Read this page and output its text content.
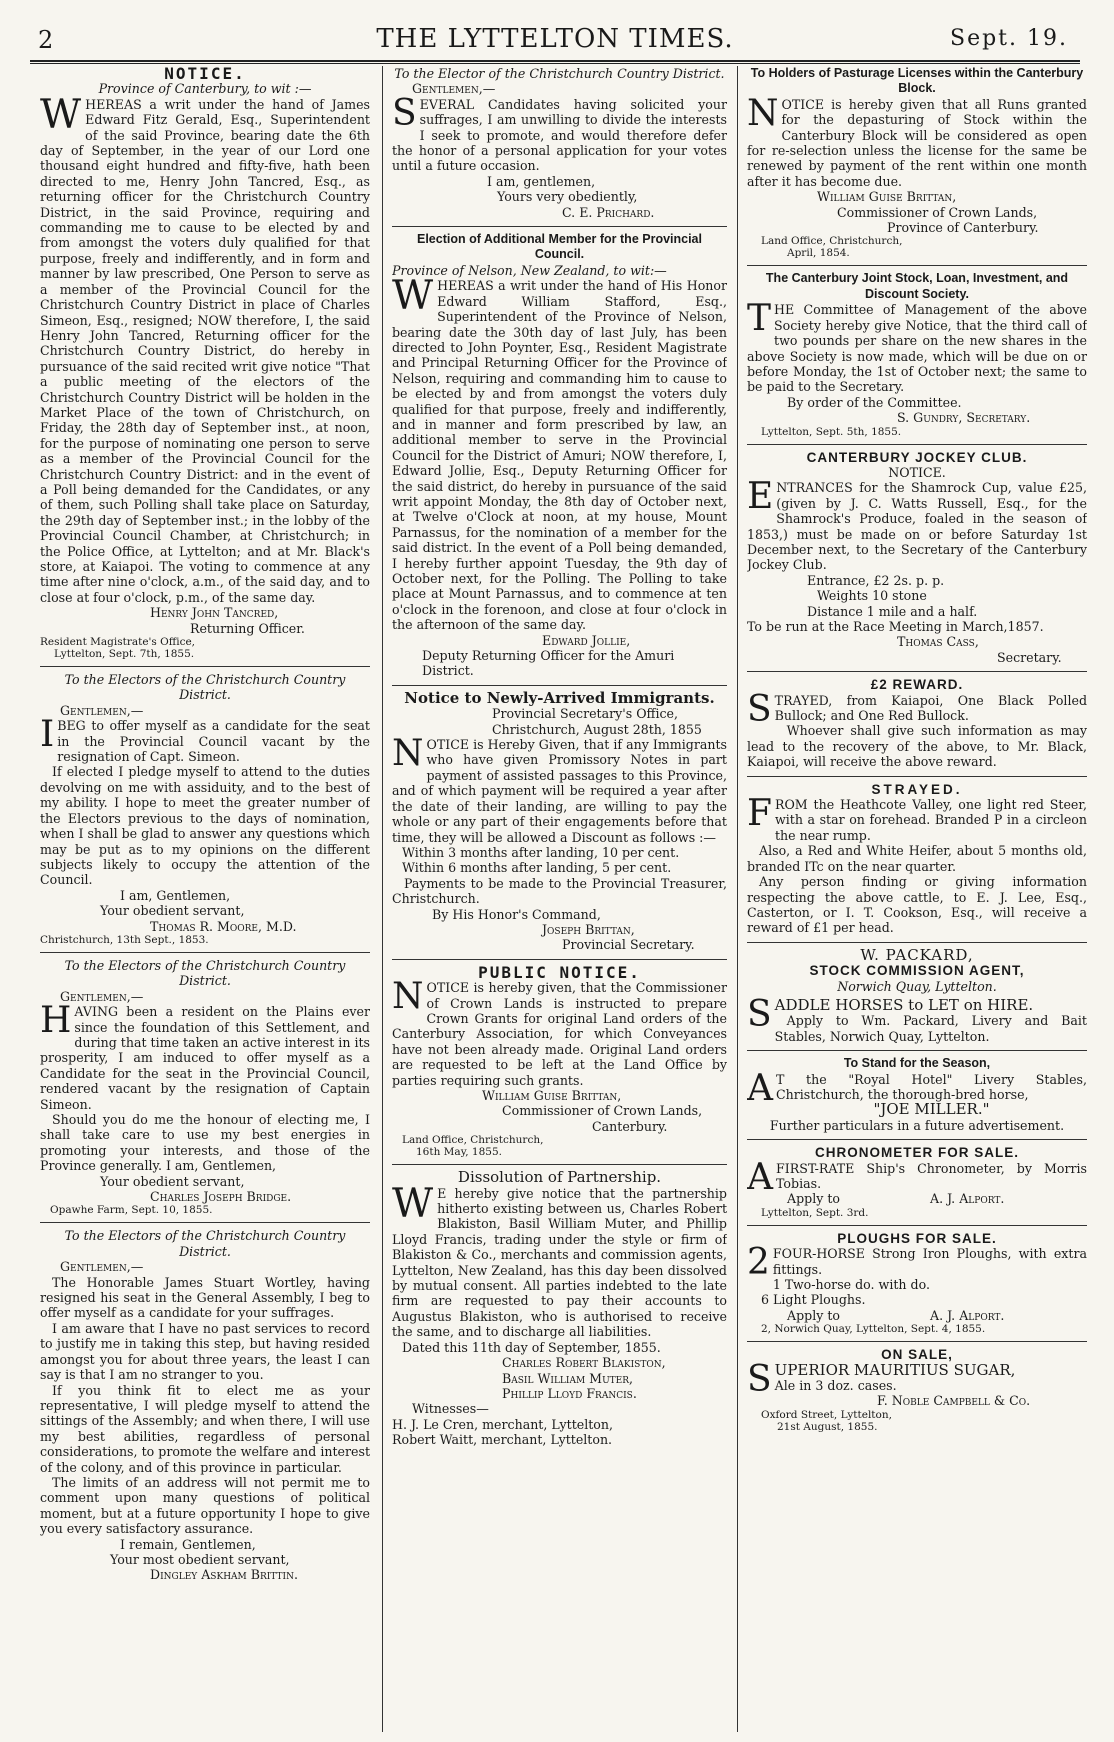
2	THE LYTTELTON TIMES.	Sept. 19.
NOTICE.
Province of Canterbury, to wit :—
WHEREAS a writ under the hand of James Edward Fitz Gerald, Esq., Superintendent of the said Province, bearing date the 6th day of September, in the year of our Lord one thousand eight hundred and fifty-five, hath been directed to me, Henry John Tancred, Esq., as returning officer for the Christchurch Country District, in the said Province, requiring and commanding me to cause to be elected by and from amongst the voters duly qualified for that purpose, freely and indifferently, and in form and manner by law prescribed, One Person to serve as a member of the Provincial Council for the Christchurch Country District in place of Charles Simeon, Esq., resigned; NOW therefore, I, the said Henry John Tancred, Returning officer for the Christchurch Country District, do hereby in pursuance of the said recited writ give notice "That a public meeting of the electors of the Christchurch Country District will be holden in the Market Place of the town of Christchurch, on Friday, the 28th day of September inst., at noon, for the purpose of nominating one person to serve as a member of the Provincial Council for the Christchurch Country District: and in the event of a Poll being demanded for the Candidates, or any of them, such Polling shall take place on Saturday, the 29th day of September inst.; in the lobby of the Provincial Council Chamber, at Christchurch; in the Police Office, at Lyttelton; and at Mr. Black's store, at Kaiapoi. The voting to commence at any time after nine o'clock, a.m., of the said day, and to close at four o'clock, p.m., of the same day.
Henry John Tancred,
Returning Officer.
Resident Magistrate's Office,
Lyttelton, Sept. 7th, 1855.
To the Electors of the Christchurch Country District.
Gentlemen,—
IBEG to offer myself as a candidate for the seat in the Provincial Council vacant by the resignation of Capt. Simeon.
If elected I pledge myself to attend to the duties devolving on me with assiduity, and to the best of my ability. I hope to meet the greater number of the Electors previous to the days of nomination, when I shall be glad to answer any questions which may be put as to my opinions on the different subjects likely to occupy the attention of the Council.
I am, Gentlemen,
Your obedient servant,
Thomas R. Moore, M.D.
Christchurch, 13th Sept., 1853.
To the Electors of the Christchurch Country District.
Gentlemen,—
HAVING been a resident on the Plains ever since the foundation of this Settlement, and during that time taken an active interest in its prosperity, I am induced to offer myself as a Candidate for the seat in the Provincial Council, rendered vacant by the resignation of Captain Simeon.
Should you do me the honour of electing me, I shall take care to use my best energies in promoting your interests, and those of the Province generally. I am, Gentlemen,
Your obedient servant,
Charles Joseph Bridge.
Opawhe Farm, Sept. 10, 1855.
To the Electors of the Christchurch Country District.
Gentlemen,—
The Honorable James Stuart Wortley, having resigned his seat in the General Assembly, I beg to offer myself as a candidate for your suffrages.
I am aware that I have no past services to record to justify me in taking this step, but having resided amongst you for about three years, the least I can say is that I am no stranger to you.
If you think fit to elect me as your representative, I will pledge myself to attend the sittings of the Assembly; and when there, I will use my best abilities, regardless of personal considerations, to promote the welfare and interest of the colony, and of this province in particular.
The limits of an address will not permit me to comment upon many questions of political moment, but at a future opportunity I hope to give you every satisfactory assurance.
I remain, Gentlemen,
Your most obedient servant,
Dingley Askham Brittin.
To the Elector of the Christchurch Country District.
Gentlemen,—
SEVERAL Candidates having solicited your suffrages, I am unwilling to divide the interests I seek to promote, and would therefore defer the honor of a personal application for your votes until a future occasion.
I am, gentlemen,
Yours very obediently,
C. E. Prichard.
Election of Additional Member for the Provincial Council.
Province of Nelson, New Zealand, to wit:—
WHEREAS a writ under the hand of His Honor Edward William Stafford, Esq., Superintendent of the Province of Nelson, bearing date the 30th day of last July, has been directed to John Poynter, Esq., Resident Magistrate and Principal Returning Officer for the Province of Nelson, requiring and commanding him to cause to be elected by and from amongst the voters duly qualified for that purpose, freely and indifferently, and in manner and form prescribed by law, an additional member to serve in the Provincial Council for the District of Amuri; NOW therefore, I, Edward Jollie, Esq., Deputy Returning Officer for the said district, do hereby in pursuance of the said writ appoint Monday, the 8th day of October next, at Twelve o'Clock at noon, at my house, Mount Parnassus, for the nomination of a member for the said district. In the event of a Poll being demanded, I hereby further appoint Tuesday, the 9th day of October next, for the Polling. The Polling to take place at Mount Parnassus, and to commence at ten o'clock in the forenoon, and close at four o'clock in the afternoon of the same day.
Edward Jollie,
Deputy Returning Officer for the Amuri District.
Notice to Newly-Arrived Immigrants.
Provincial Secretary's Office,
Christchurch, August 28th, 1855
NOTICE is Hereby Given, that if any Immigrants who have given Promissory Notes in part payment of assisted passages to this Province, and of which payment will be required a year after the date of their landing, are willing to pay the whole or any part of their engagements before that time, they will be allowed a Discount as follows :—
Within 3 months after landing, 10 per cent.
Within 6 months after landing, 5 per cent.
Payments to be made to the Provincial Treasurer, Christchurch.
By His Honor's Command,
Joseph Brittan,
Provincial Secretary.
PUBLIC NOTICE.
NOTICE is hereby given, that the Commissioner of Crown Lands is instructed to prepare Crown Grants for original Land orders of the Canterbury Association, for which Conveyances have not been already made. Original Land orders are requested to be left at the Land Office by parties requiring such grants.
William Guise Brittan,
Commissioner of Crown Lands,
Canterbury.
Land Office, Christchurch,
16th May, 1855.
Dissolution of Partnership.
W E hereby give notice that the partnership hitherto existing between us, Charles Robert Blakiston, Basil William Muter, and Phillip Lloyd Francis, trading under the style or firm of Blakiston & Co., merchants and commission agents, Lyttelton, New Zealand, has this day been dissolved by mutual consent. All parties indebted to the late firm are requested to pay their accounts to Augustus Blakiston, who is authorised to receive the same, and to discharge all liabilities.
Dated this 11th day of September, 1855.
Charles Robert Blakiston,
Basil William Muter,
Phillip Lloyd Francis.
Witnesses—
H. J. Le Cren, merchant, Lyttelton,
Robert Waitt, merchant, Lyttelton.
To Holders of Pasturage Licenses within the Canterbury Block.
NOTICE is hereby given that all Runs granted for the depasturing of Stock within the Canterbury Block will be considered as open for re-selection unless the license for the same be renewed by payment of the rent within one month after it has become due.
William Guise Brittan,
Commissioner of Crown Lands,
Province of Canterbury.
Land Office, Christchurch,
April, 1854.
The Canterbury Joint Stock, Loan, Investment, and Discount Society.
THE Committee of Management of the above Society hereby give Notice, that the third call of two pounds per share on the new shares in the above Society is now made, which will be due on or before Monday, the 1st of October next; the same to be paid to the Secretary.
By order of the Committee.
S. Gundry, Secretary.
Lyttelton, Sept. 5th, 1855.
CANTERBURY JOCKEY CLUB.
NOTICE.
ENTRANCES for the Shamrock Cup, value £25, (given by J. C. Watts Russell, Esq., for the Shamrock's Produce, foaled in the season of 1853,) must be made on or before Saturday 1st December next, to the Secretary of the Canterbury Jockey Club.
Entrance, £2 2s. p. p.
Weights 10 stone
Distance 1 mile and a half.
To be run at the Race Meeting in March,1857.
Thomas Cass,
Secretary.
£2 REWARD.
STRAYED, from Kaiapoi, One Black Polled Bullock; and One Red Bullock.
Whoever shall give such information as may lead to the recovery of the above, to Mr. Black, Kaiapoi, will receive the above reward.
STRAYED.
FROM the Heathcote Valley, one light red Steer, with a star on forehead. Branded P in a circleon the near rump.
Also, a Red and White Heifer, about 5 months old, branded ITc on the near quarter.
Any person finding or giving information respecting the above cattle, to E. J. Lee, Esq., Casterton, or I. T. Cookson, Esq., will receive a reward of £1 per head.
W. PACKARD,
STOCK COMMISSION AGENT,
Norwich Quay, Lyttelton.
SADDLE HORSES to LET on HIRE.
Apply to Wm. Packard, Livery and Bait Stables, Norwich Quay, Lyttelton.
To Stand for the Season,
A T the "Royal Hotel" Livery Stables, Christchurch, the thorough-bred horse,
"JOE MILLER."
Further particulars in a future advertisement.
CHRONOMETER FOR SALE.
AFIRST-RATE Ship's Chronometer, by Morris Tobias.
Apply to	A. J. Alport.
Lyttelton, Sept. 3rd.
PLOUGHS FOR SALE.
2 FOUR-HORSE Strong Iron Ploughs, with extra fittings.
1 Two-horse do. with do.
6 Light Ploughs.
Apply to	A. J. Alport.
2, Norwich Quay, Lyttelton, Sept. 4, 1855.
ON SALE,
SUPERIOR MAURITIUS SUGAR,
Ale in 3 doz. cases.
F. Noble Campbell & Co.
Oxford Street, Lyttelton,
21st August, 1855.
